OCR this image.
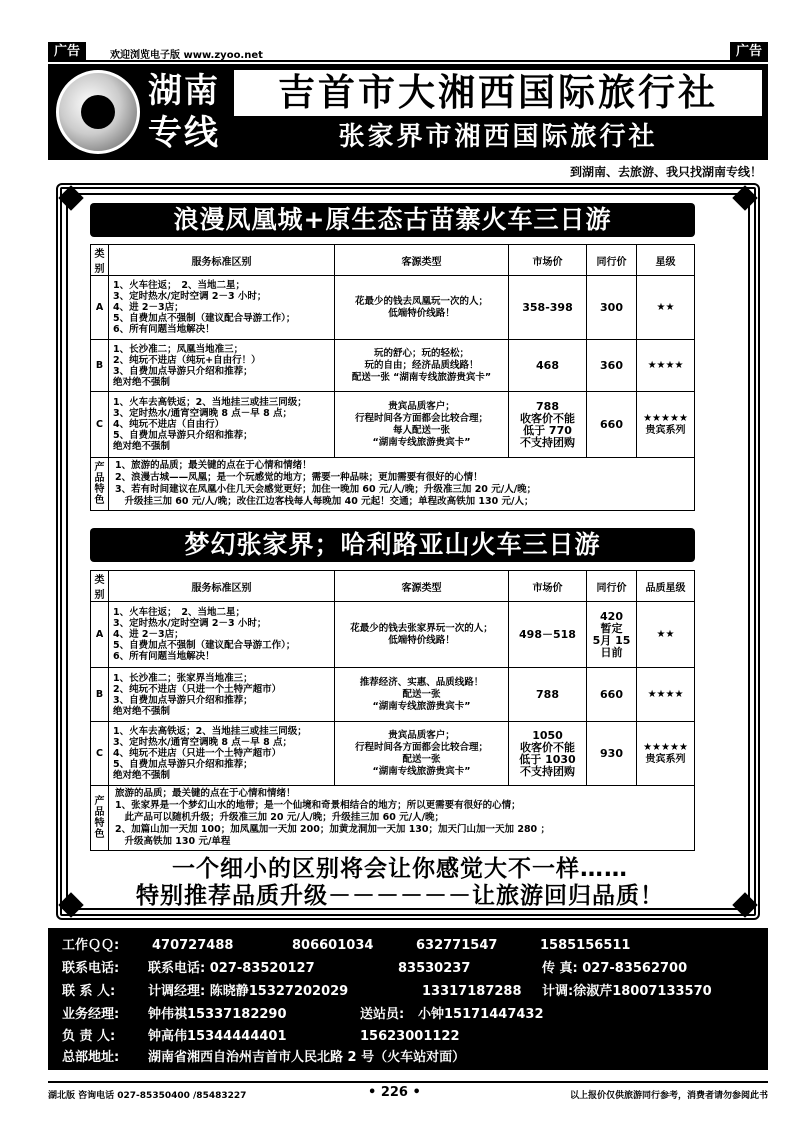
广告	欢迎浏览电子版 www.zyoo.net	广告
湖南
专线
吉首市大湘西国际旅行社
张家界市湘西国际旅行社
到湖南、去旅游、我只找湖南专线！
浪漫凤凰城+原生态古苗寨火车三日游
类别	服务标准区别	客源类型	市场价	同行价	星级
A	1、火车往返；　2、当地二星；
3、定时热水/定时空调 2－3 小时；
4、进 2－3店；
5、自费加点不强制（建议配合导游工作）；
6、所有问题当地解决！	花最少的钱去凤凰玩一次的人；
低端特价线路！	358-398	300	★★
B	1、长沙准二；凤凰当地准三；
2、纯玩不进店（纯玩+自由行！）
3、自费加点导游只介绍和推荐；
绝对绝不强制	玩的舒心；玩的轻松；
玩的自由；经济品质线路！
配送一张 “湖南专线旅游贵宾卡”	468	360	★★★★
C	1、火车去高铁返；2、当地挂三或挂三同级；
3、定时热水/通宵空调晚 8 点－早 8 点；
4、纯玩不进店（自由行）
5、自费加点导游只介绍和推荐；
绝对绝不强制	贵宾品质客户；
行程时间各方面都会比较合理；
每人配送一张
“湖南专线旅游贵宾卡”	788
收客价不能
低于 770
不支持团购	660	★★★★★
贵宾系列
产
品
特
色	1、旅游的品质；最关键的点在于心情和情绪！
2、浪漫古城——凤凰；是一个玩感觉的地方；需要一种品味；更加需要有很好的心情！
3、若有时间建议在凤凰小住几天会感觉更好；加住一晚加 60 元/人/晚；升级准三加 20 元/人/晚；
　升级挂三加 60 元/人/晚；改住江边客栈每人每晚加 40 元起！交通；单程改高铁加 130 元/人；				
梦幻张家界；哈利路亚山火车三日游
类别	服务标准区别	客源类型	市场价	同行价	品质星级
A	1、火车往返；　2、当地二星；
3、定时热水/定时空调 2－3 小时；
4、进 2－3店；
5、自费加点不强制（建议配合导游工作）；
6、所有问题当地解决！	花最少的钱去张家界玩一次的人；
低端特价线路！	498－518	420
暂定
5月 15
日前	★★
B	1、长沙准二；张家界当地准三；
2、纯玩不进店（只进一个土特产超市）
3、自费加点导游只介绍和推荐；
绝对绝不强制	推荐经济、实惠、品质线路！
配送一张
“湖南专线旅游贵宾卡”	788	660	★★★★
C	1、火车去高铁返；2、当地挂三或挂三同级；
3、定时热水/通宵空调晚 8 点－早 8 点；
4、纯玩不进店（只进一个土特产超市）
5、自费加点导游只介绍和推荐；
绝对绝不强制	贵宾品质客户；
行程时间各方面都会比较合理；
配送一张
“湖南专线旅游贵宾卡”	1050
收客价不能
低于 1030
不支持团购	930	★★★★★
贵宾系列
产
品
特
色	旅游的品质；最关键的点在于心情和情绪！
1、张家界是一个梦幻山水的地带；是一个仙境和奇景相结合的地方；所以更需要有很好的心情；
　此产品可以随机升级；升级准三加 20 元/人/晚；升级挂三加 60 元/人/晚；
2、加篇山加一天加 100；加凤凰加一天加 200；加黄龙洞加一天加 130；加天门山加一天加 280 ；
　升级高铁加 130 元/单程				
一个细小的区别将会让你感觉大不一样……
特别推荐品质升级－－－－－－让旅游回归品质！
工作ＱＱ:	470727488	806601034	632771547	1585156511
联系电话: 联系电话: 027-83520127	83530237	传 真: 027-83562700
联 系 人:	计调经理: 陈晓静15327202029	13317187288 计调:徐淑芹18007133570
业务经理: 钟伟祺15337182290	送站员: 小钟15171447432
负 责 人:	钟高伟15344444401	15623001122
总部地址: 湖南省湘西自治州吉首市人民北路 2 号（火车站对面）
湖北版 咨询电话 027-85350400 /85483227	• 226 •	以上报价仅供旅游同行参考，消费者请勿参阅此书
